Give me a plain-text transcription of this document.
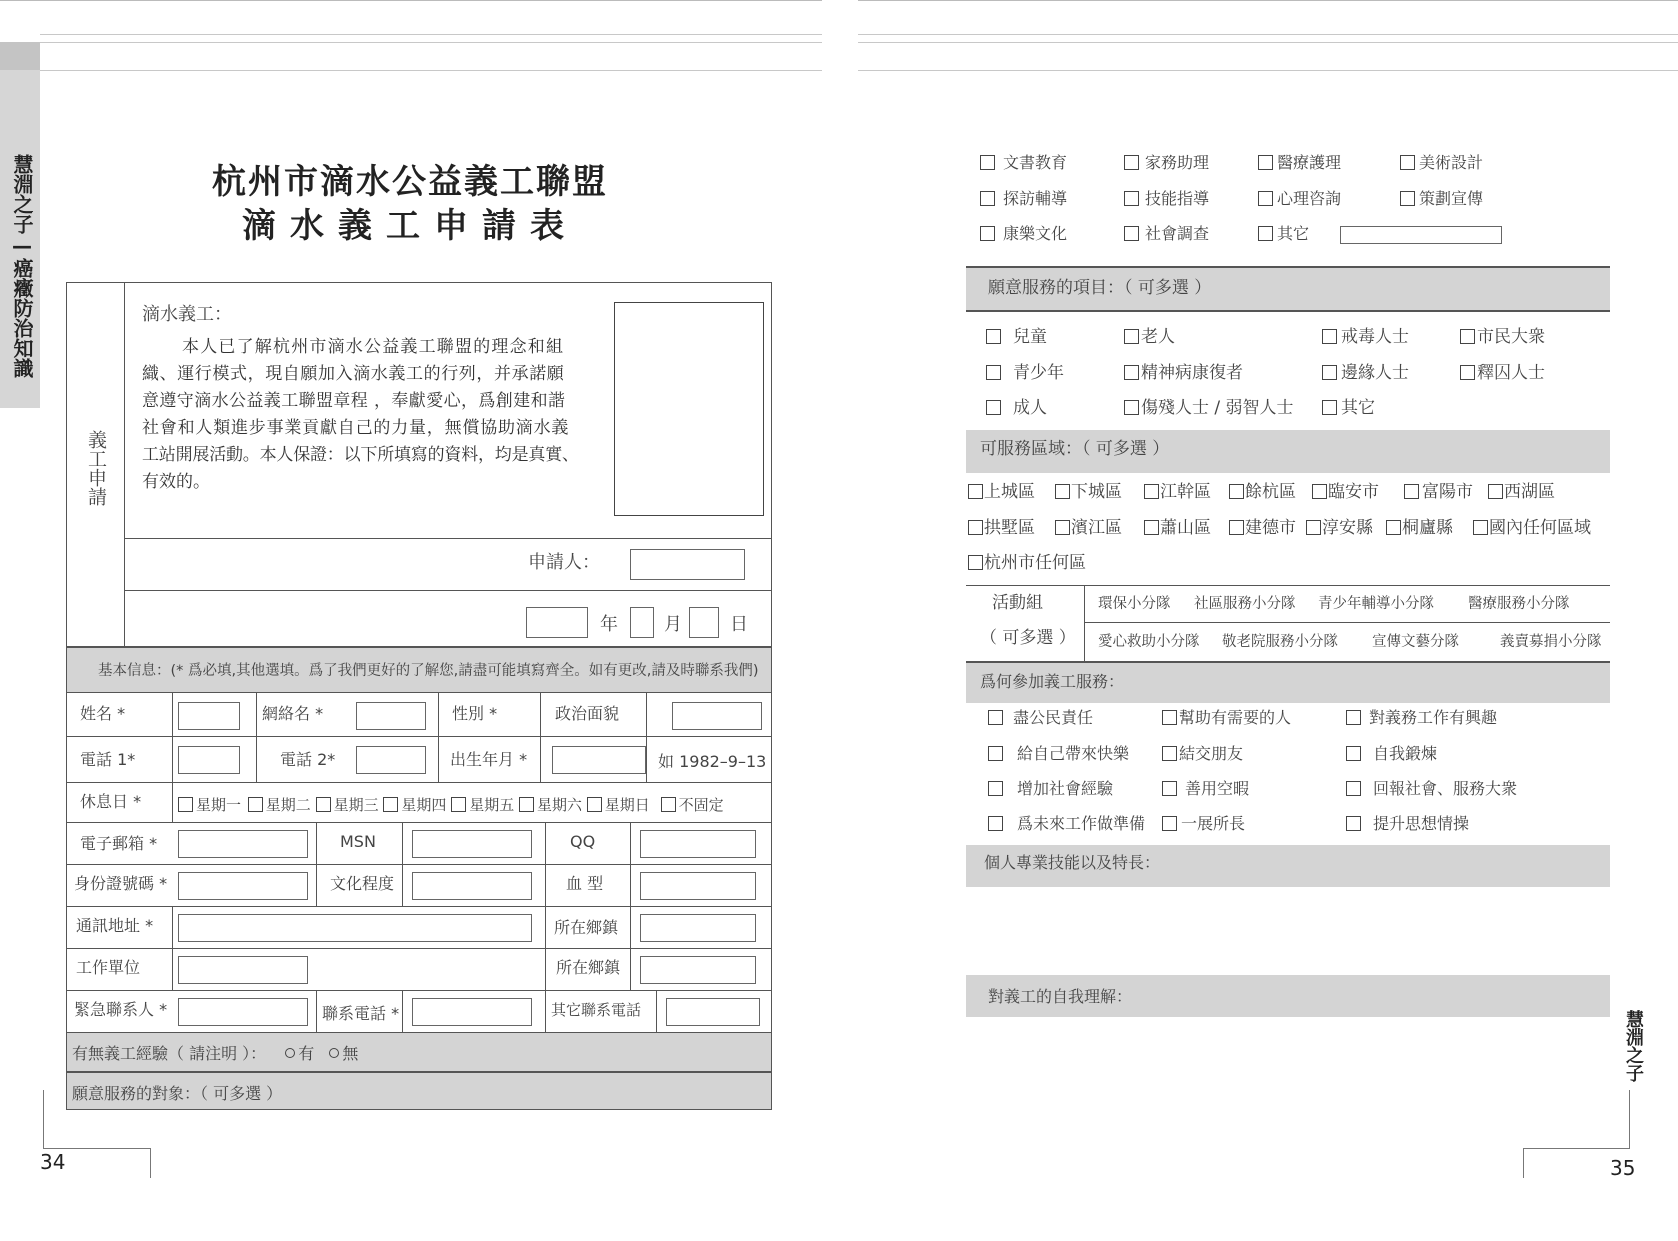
慧淵之子—癌癥防治知識
慧淵之子
34	35
杭州市滴水公益義工聯盟
滴水義工申請表
義工申請
滴水義工：
本人已了解杭州市滴水公益義工聯盟的理念和組
織、運行模式，現自願加入滴水義工的行列，并承諾願
意遵守滴水公益義工聯盟章程 ，奉獻愛心，爲創建和諧
社會和人類進步事業貢獻自己的力量，無償協助滴水義
工站開展活動。本人保證：以下所填寫的資料，均是真實、
有效的。
申請人：
年	月	日
基本信息：(* 爲必填,其他選填。爲了我們更好的了解您,請盡可能填寫齊全。如有更改,請及時聯系我們)
姓名 *	網絡名 *	性別 *	政治面貌
電話 1*	電話 2*	出生年月 *	如 1982–9–13
休息日 *	星期一 星期二 星期三 星期四 星期五 星期六 星期日 不固定
電子郵箱 *	MSN	QQ
身份證號碼 *	文化程度	血 型
通訊地址 *	所在鄉鎮
工作單位	所在鄉鎮
緊急聯系人 *	聯系電話 *	其它聯系電話
有無義工經驗（ 請注明 ）： 有 無
願意服務的對象：（ 可多選 ）
文書教育	家務助理	醫療護理	美術設計
探訪輔導	技能指導	心理咨詢	策劃宣傳
康樂文化	社會調查	其它
願意服務的項目：（ 可多選 ）
兒童	老人	戒毒人士	市民大衆
青少年	精神病康復者	邊緣人士	釋囚人士
成人	傷殘人士 / 弱智人士	其它
可服務區域：（ 可多選 ）
上城區	下城區	江幹區	餘杭區	臨安市	富陽市	西湖區
拱墅區	濱江區	蕭山區	建德市	淳安縣	桐廬縣	國內任何區域
杭州市任何區
活動組
（ 可多選 ）
環保小分隊 社區服務小分隊 青少年輔導小分隊 醫療服務小分隊
愛心救助小分隊 敬老院服務小分隊 宣傳文藝分隊	義賣募捐小分隊
爲何參加義工服務：
盡公民責任	幫助有需要的人	對義務工作有興趣
給自己帶來快樂	結交朋友	自我鍛煉
增加社會經驗	善用空暇	回報社會、服務大衆
爲未來工作做準備	一展所長	提升思想情操
個人專業技能以及特長：
對義工的自我理解：
